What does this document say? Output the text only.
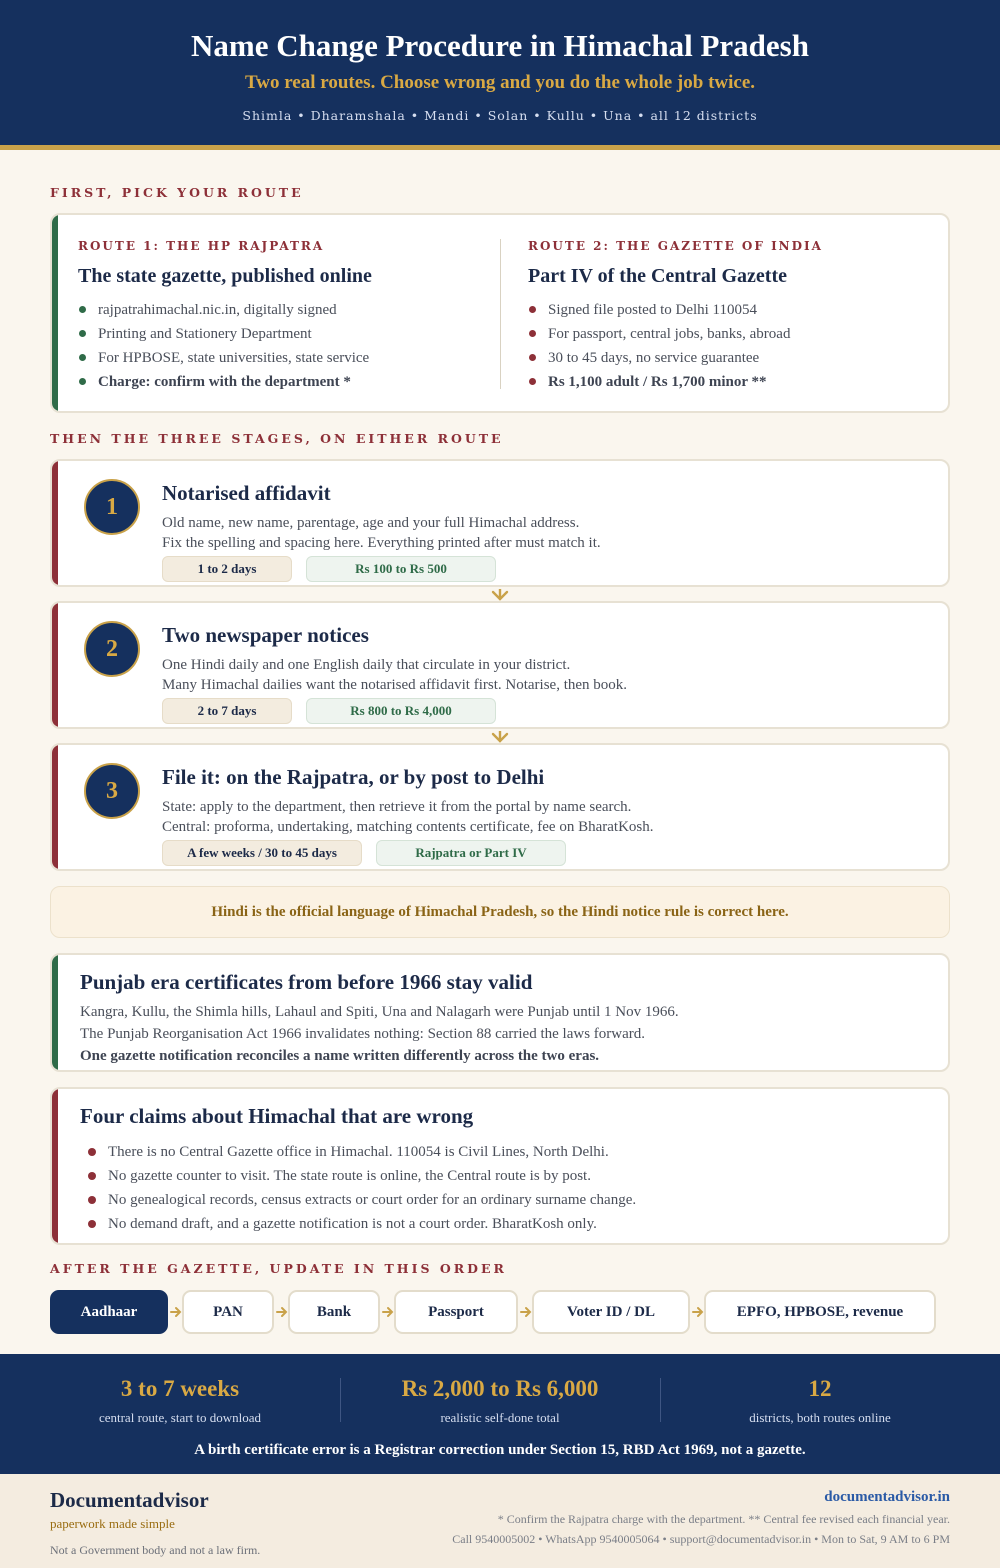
Name Change Procedure in Himachal Pradesh
Two real routes. Choose wrong and you do the whole job twice.
Shimla • Dharamshala • Mandi • Solan • Kullu • Una • all 12 districts
FIRST, PICK YOUR ROUTE
ROUTE 1: THE HP RAJPATRA
The state gazette, published online
rajpatrahimachal.nic.in, digitally signed
Printing and Stationery Department
For HPBOSE, state universities, state service
Charge: confirm with the department *
ROUTE 2: THE GAZETTE OF INDIA
Part IV of the Central Gazette
Signed file posted to Delhi 110054
For passport, central jobs, banks, abroad
30 to 45 days, no service guarantee
Rs 1,100 adult / Rs 1,700 minor **
THEN THE THREE STAGES, ON EITHER ROUTE
1
Notarised affidavit
Old name, new name, parentage, age and your full Himachal address.
Fix the spelling and spacing here. Everything printed after must match it.
1 to 2 days	Rs 100 to Rs 500
2
Two newspaper notices
One Hindi daily and one English daily that circulate in your district.
Many Himachal dailies want the notarised affidavit first. Notarise, then book.
2 to 7 days	Rs 800 to Rs 4,000
3
File it: on the Rajpatra, or by post to Delhi
State: apply to the department, then retrieve it from the portal by name search.
Central: proforma, undertaking, matching contents certificate, fee on BharatKosh.
A few weeks / 30 to 45 days	Rajpatra or Part IV
Hindi is the official language of Himachal Pradesh, so the Hindi notice rule is correct here.
Punjab era certificates from before 1966 stay valid
Kangra, Kullu, the Shimla hills, Lahaul and Spiti, Una and Nalagarh were Punjab until 1 Nov 1966.
The Punjab Reorganisation Act 1966 invalidates nothing: Section 88 carried the laws forward.
One gazette notification reconciles a name written differently across the two eras.
Four claims about Himachal that are wrong
There is no Central Gazette office in Himachal. 110054 is Civil Lines, North Delhi.
No gazette counter to visit. The state route is online, the Central route is by post.
No genealogical records, census extracts or court order for an ordinary surname change.
No demand draft, and a gazette notification is not a court order. BharatKosh only.
AFTER THE GAZETTE, UPDATE IN THIS ORDER
Aadhaar	PAN	Bank	Passport	Voter ID / DL	EPFO, HPBOSE, revenue
3 to 7 weeks
central route, start to download
Rs 2,000 to Rs 6,000
realistic self-done total
12
districts, both routes online
A birth certificate error is a Registrar correction under Section 15, RBD Act 1969, not a gazette.
Documentadvisor
paperwork made simple
Not a Government body and not a law firm.
documentadvisor.in
* Confirm the Rajpatra charge with the department. ** Central fee revised each financial year.
Call 9540005002 • WhatsApp 9540005064 • support@documentadvisor.in • Mon to Sat, 9 AM to 6 PM
